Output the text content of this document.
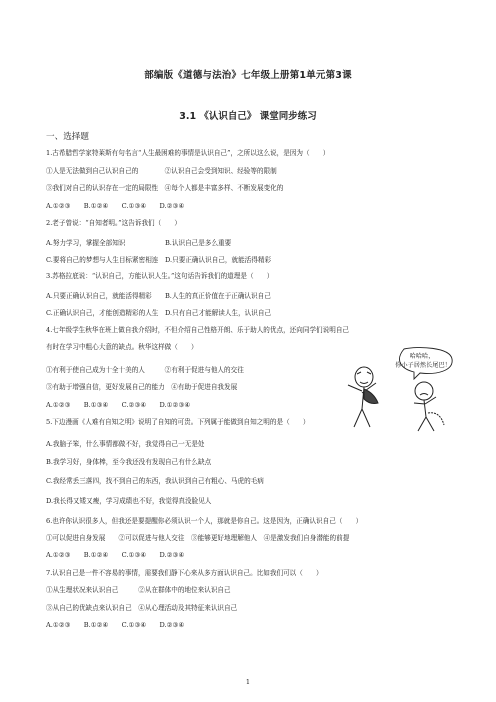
部编版《道德与法治》七年级上册第1单元第3课
3.1 《认识自己》 课堂同步练习
一、选择题
1.古希腊哲学家特莱斯有句名言“人生最困难的事情是认识自己”，之所以这么说，是因为（　　）
①人是无法做到自己认识自己的　　　　②认识自己会受到知识、经验等的限制
③我们对自己的认识存在一定的局限性　④每个人都是丰富多样、不断发展变化的
A.①②③　　B.①②④　　C.①③④　　D.②③④
2.老子曾说：“自知者明。”这告诉我们（　　）
A.努力学习，掌握全部知识　　　　　　B.认识自己是多么重要
C.要将自己的梦想与人生目标紧密相连　D.只要正确认识自己，就能活得精彩
3.苏格拉底说：“认识自己，方能认识人生。”这句话告诉我们的道理是（　　）
A.只要正确认识自己，就能活得精彩　　B.人生的真正价值在于正确认识自己
C.正确认识自己，才能创造精彩的人生　D.只有自己才能解读人生，认识自己
4.七年级学生秋华在班上做自我介绍时，不但介绍自己性格开朗、乐于助人的优点，还向同学们说明自己
有时在学习中粗心大意的缺点。秋华这样做（　　）
①有利于使自己成为十全十美的人　　　②有利于促进与他人的交往
③有助于增强自信，更好发展自己的能力　④有助于促进自我发展
A.①②③　　B.①③④　　C.②③④　　D.①②③④
5.下边漫画《人难有自知之明》说明了自知的可贵。下列属于能做到自知之明的是（　　）
A.我脑子笨，什么事情都做不好，我觉得自己一无是处
B.我学习好，身体棒，至今我还没有发现自己有什么缺点
C.我经常丢三落四，找不到自己的东西，我认识到自己有粗心、马虎的毛病
D.我长得又矮又瘦，学习成绩也不好，我觉得真没脸见人
6.也许你认识很多人，但我还是要提醒你必须认识一个人，那就是你自己。这是因为，正确认识自己（　　）
①可以促进自身发展　　②可以促进与他人交往　③能够更好地理解他人　④是激发我们自身潜能的前提
A.①②③　　B.①②④　　C.①③④　　D.②③④
7.认识自己是一件不容易的事情，需要我们静下心来从多方面认识自己。比如我们可以（　　）
①从生理状况来认识自己　　　②从在群体中的地位来认识自己
③从自己的优缺点来认识自己　④从心理活动及其特征来认识自己
A.①②③　　B.①②④　　C.①③④　　D.②③④
哈哈哈， 你小子居然长尾巴！
1
